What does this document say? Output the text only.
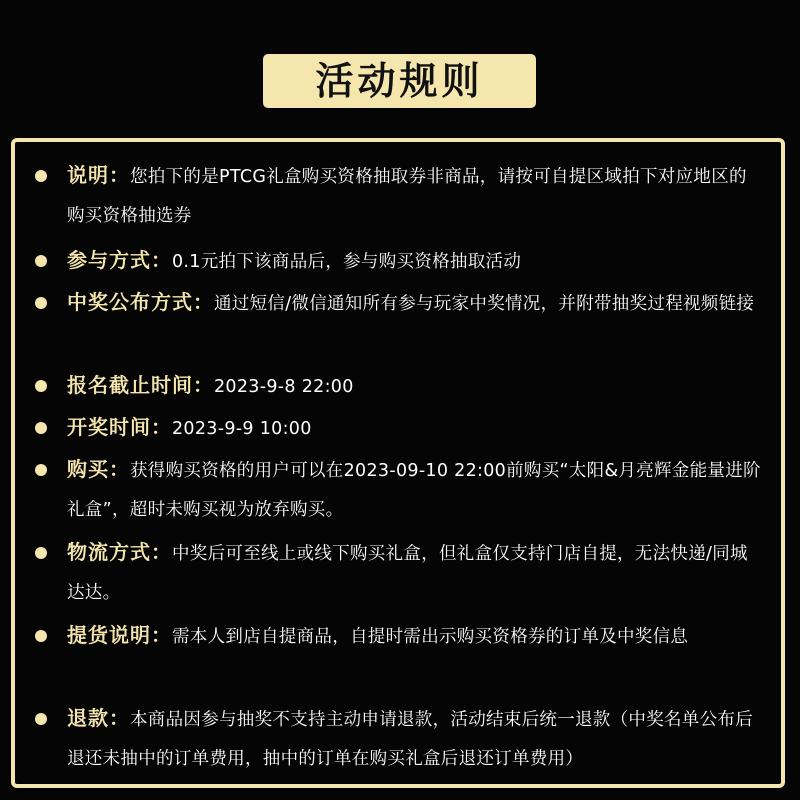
活动规则
说明：您拍下的是PTCG礼盒购买资格抽取券非商品，请按可自提区域拍下对应地区的购买资格抽选券
参与方式：0.1元拍下该商品后，参与购买资格抽取活动
中奖公布方式：通过短信/微信通知所有参与玩家中奖情况，并附带抽奖过程视频链接
报名截止时间：2023-9-8 22:00
开奖时间：2023-9-9 10:00
购买：获得购买资格的用户可以在2023-09-10 22:00前购买“太阳&月亮辉金能量进阶礼盒”，超时未购买视为放弃购买。
物流方式：中奖后可至线上或线下购买礼盒，但礼盒仅支持门店自提，无法快递/同城达达。
提货说明：需本人到店自提商品，自提时需出示购买资格券的订单及中奖信息
退款：本商品因参与抽奖不支持主动申请退款，活动结束后统一退款（中奖名单公布后退还未抽中的订单费用，抽中的订单在购买礼盒后退还订单费用）
